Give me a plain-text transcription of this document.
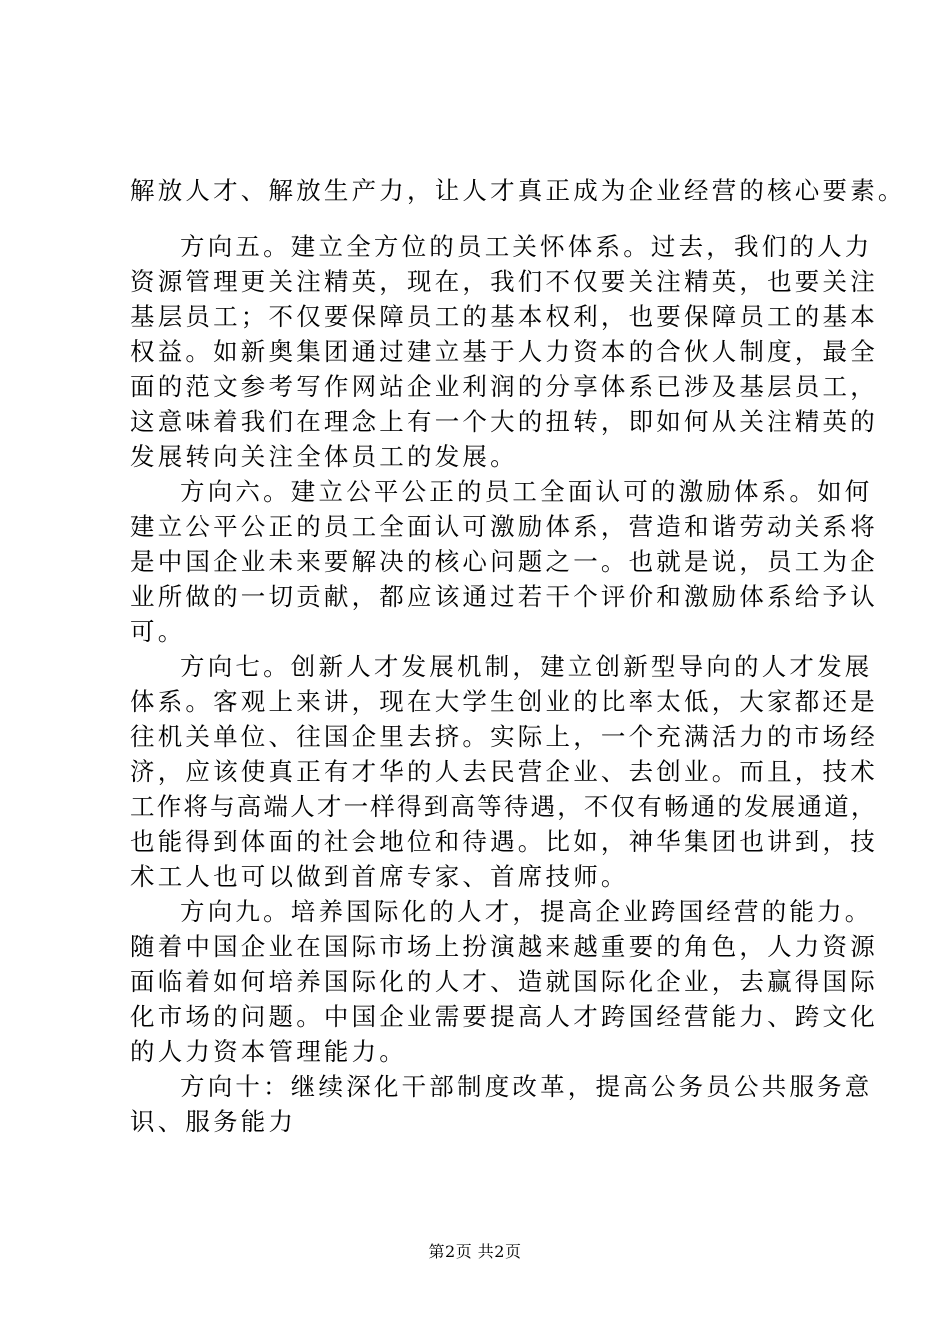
解放人才、解放生产力，让人才真正成为企业经营的核心要素。
方向五。建立全方位的员工关怀体系。过去，我们的人力
资源管理更关注精英，现在，我们不仅要关注精英，也要关注
基层员工；不仅要保障员工的基本权利，也要保障员工的基本
权益。如新奥集团通过建立基于人力资本的合伙人制度，最全
面的范文参考写作网站企业利润的分享体系已涉及基层员工，
这意味着我们在理念上有一个大的扭转，即如何从关注精英的
发展转向关注全体员工的发展。
方向六。建立公平公正的员工全面认可的激励体系。如何
建立公平公正的员工全面认可激励体系，营造和谐劳动关系将
是中国企业未来要解决的核心问题之一。也就是说，员工为企
业所做的一切贡献，都应该通过若干个评价和激励体系给予认
可。
方向七。创新人才发展机制，建立创新型导向的人才发展
体系。客观上来讲，现在大学生创业的比率太低，大家都还是
往机关单位、往国企里去挤。实际上，一个充满活力的市场经
济，应该使真正有才华的人去民营企业、去创业。而且，技术
工作将与高端人才一样得到高等待遇，不仅有畅通的发展通道，
也能得到体面的社会地位和待遇。比如，神华集团也讲到，技
术工人也可以做到首席专家、首席技师。
方向九。培养国际化的人才，提高企业跨国经营的能力。
随着中国企业在国际市场上扮演越来越重要的角色，人力资源
面临着如何培养国际化的人才、造就国际化企业，去赢得国际
化市场的问题。中国企业需要提高人才跨国经营能力、跨文化
的人力资本管理能力。
方向十：继续深化干部制度改革，提高公务员公共服务意
识、服务能力
第2页 共2页
